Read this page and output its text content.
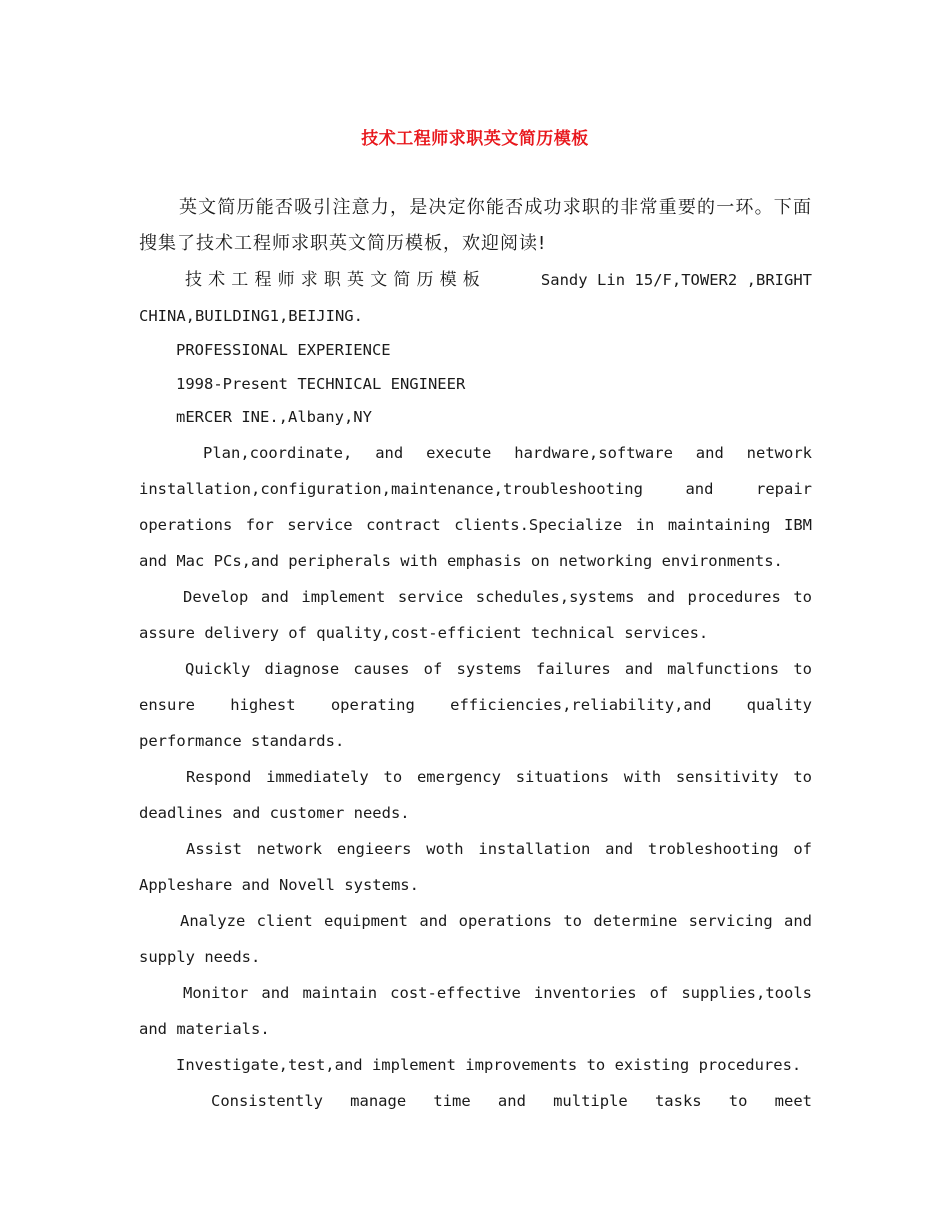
技术工程师求职英文简历模板

英文简历能否吸引注意力，是决定你能否成功求职的非常重要的一环。下面搜集了技术工程师求职英文简历模板，欢迎阅读!

技术工程师求职英文简历模板	Sandy Lin 15/F,TOWER2 ,BRIGHT CHINA,BUILDING1,BEIJING.

PROFESSIONAL EXPERIENCE

1998-Present TECHNICAL ENGINEER

mERCER INE.,Albany,NY

Plan,coordinate, and execute hardware,software and network installation,configuration,maintenance,troubleshooting and repair operations for service contract clients.Specialize in maintaining IBM and Mac PCs,and peripherals with emphasis on networking environments.

Develop and implement service schedules,systems and procedures to assure delivery of quality,cost-efficient technical services.

Quickly diagnose causes of systems failures and malfunctions to ensure highest operating efficiencies,reliability,and quality performance standards.

Respond immediately to emergency situations with sensitivity to deadlines and customer needs.

Assist network engieers woth installation and trobleshooting of Appleshare and Novell systems.

Analyze client equipment and operations to determine servicing and supply needs.

Monitor and maintain cost-effective inventories of supplies,tools and materials.

Investigate,test,and implement improvements to existing procedures.

Consistently manage time and multiple tasks to meet
